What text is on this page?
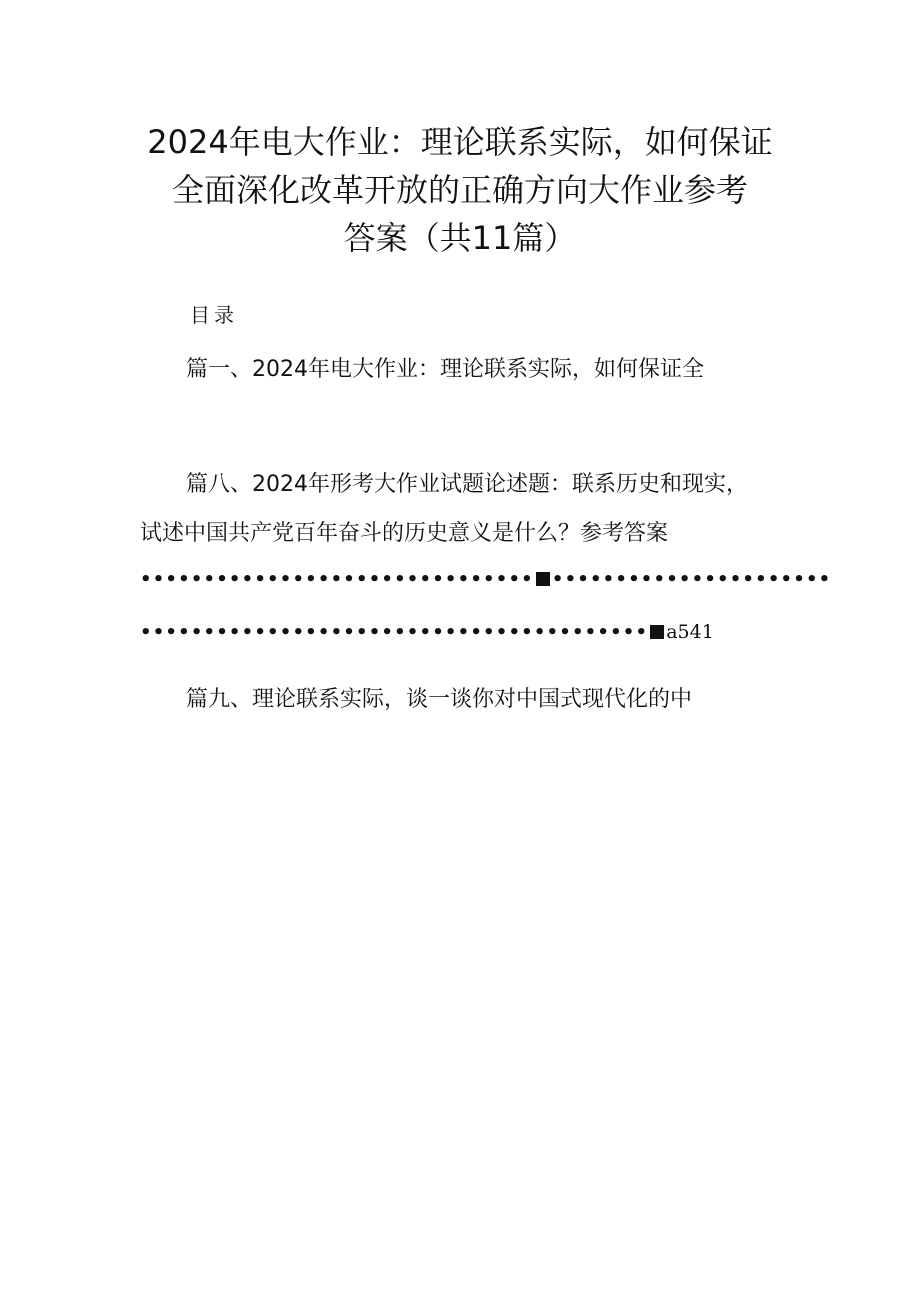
2024年电大作业：理论联系实际，如何保证
全面深化改革开放的正确方向大作业参考
答案（共11篇）
目录
篇一、2024年电大作业：理论联系实际，如何保证全
篇八、2024年形考大作业试题论述题：联系历史和现实，
试述中国共产党百年奋斗的历史意义是什么？参考答案
••••••••••••••••••••••••••••••• ••••••••••••••••••••••
•••••••••••••••••••••••••••••••••••••••• a541
篇九、理论联系实际，谈一谈你对中国式现代化的中
